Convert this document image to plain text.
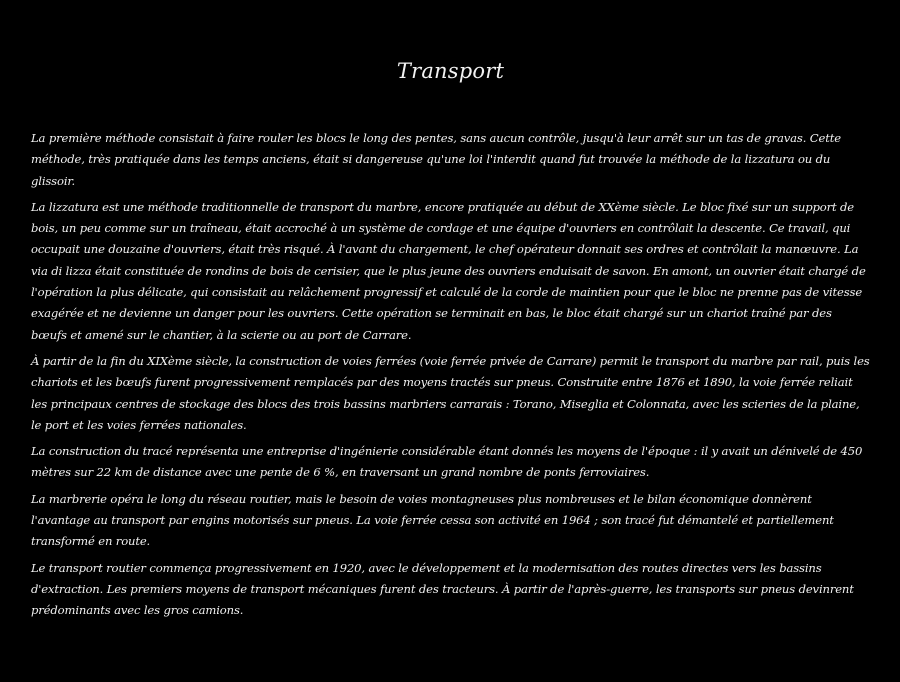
Transport

La première méthode consistait à faire rouler les blocs le long des pentes, sans aucun contrôle, jusqu'à leur arrêt sur un tas de gravas. Cette méthode, très pratiquée dans les temps anciens, était si dangereuse qu'une loi l'interdit quand fut trouvée la méthode de la lizzatura ou du glissoir.

La lizzatura est une méthode traditionnelle de transport du marbre, encore pratiquée au début de XXème siècle. Le bloc fixé sur un support de bois, un peu comme sur un traîneau, était accroché à un système de cordage et une équipe d'ouvriers en contrôlait la descente. Ce travail, qui occupait une douzaine d'ouvriers, était très risqué. À l'avant du chargement, le chef opérateur donnait ses ordres et contrôlait la manœuvre. La via di lizza était constituée de rondins de bois de cerisier, que le plus jeune des ouvriers enduisait de savon. En amont, un ouvrier était chargé de l'opération la plus délicate, qui consistait au relâchement progressif et calculé de la corde de maintien pour que le bloc ne prenne pas de vitesse exagérée et ne devienne un danger pour les ouvriers. Cette opération se terminait en bas, le bloc était chargé sur un chariot traîné par des bœufs et amené sur le chantier, à la scierie ou au port de Carrare.

À partir de la fin du XIXème siècle, la construction de voies ferrées (voie ferrée privée de Carrare) permit le transport du marbre par rail, puis les chariots et les bœufs furent progressivement remplacés par des moyens tractés sur pneus. Construite entre 1876 et 1890, la voie ferrée reliait les principaux centres de stockage des blocs des trois bassins marbriers carrarais : Torano, Miseglia et Colonnata, avec les scieries de la plaine, le port et les voies ferrées nationales.

La construction du tracé représenta une entreprise d'ingénierie considérable étant donnés les moyens de l'époque : il y avait un dénivelé de 450 mètres sur 22 km de distance avec une pente de 6 %, en traversant un grand nombre de ponts ferroviaires.

La marbrerie opéra le long du réseau routier, mais le besoin de voies montagneuses plus nombreuses et le bilan économique donnèrent l'avantage au transport par engins motorisés sur pneus. La voie ferrée cessa son activité en 1964 ; son tracé fut démantelé et partiellement transformé en route.

Le transport routier commença progressivement en 1920, avec le développement et la modernisation des routes directes vers les bassins d'extraction. Les premiers moyens de transport mécaniques furent des tracteurs. À partir de l'après-guerre, les transports sur pneus devinrent prédominants avec les gros camions.
